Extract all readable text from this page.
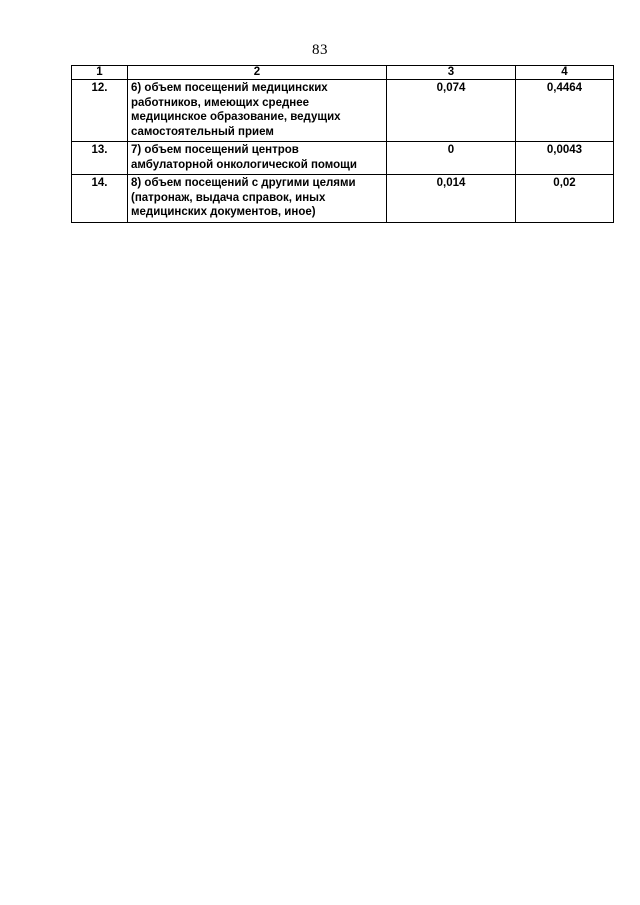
83
1	2	3	4
12.	6) объем посещений медицинских работников, имеющих среднее медицинское образование, ведущих самостоятельный прием	0,074	0,4464
13.	7) объем посещений центров амбулаторной онкологической помощи	0	0,0043
14.	8) объем посещений с другими целями (патронаж, выдача справок, иных медицинских документов, иное)	0,014	0,02
